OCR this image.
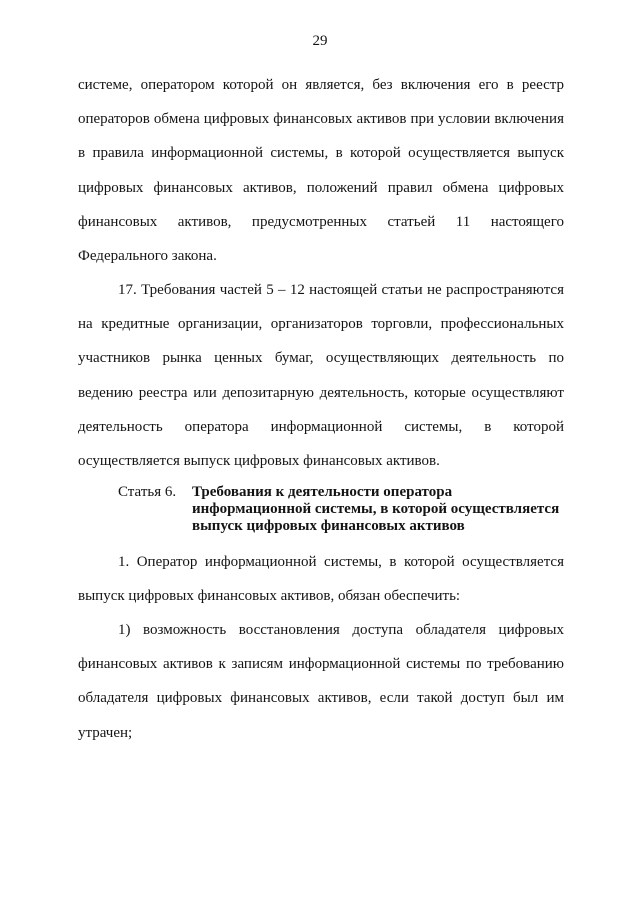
29
системе, оператором которой он является, без включения его в реестр
операторов обмена цифровых финансовых активов при условии включения
в правила информационной системы, в которой осуществляется выпуск
цифровых финансовых активов, положений правил обмена цифровых
финансовых активов, предусмотренных статьей 11 настоящего
Федерального закона.
17. Требования частей 5 – 12 настоящей статьи не распространяются
на кредитные организации, организаторов торговли, профессиональных
участников рынка ценных бумаг, осуществляющих деятельность по
ведению реестра или депозитарную деятельность, которые осуществляют
деятельность оператора информационной системы, в которой
осуществляется выпуск цифровых финансовых активов.
Статья 6. Требования к деятельности оператора
информационной системы, в которой осуществляется
выпуск цифровых финансовых активов
1. Оператор информационной системы, в которой осуществляется
выпуск цифровых финансовых активов, обязан обеспечить:
1) возможность восстановления доступа обладателя цифровых
финансовых активов к записям информационной системы по требованию
обладателя цифровых финансовых активов, если такой доступ был им
утрачен;
